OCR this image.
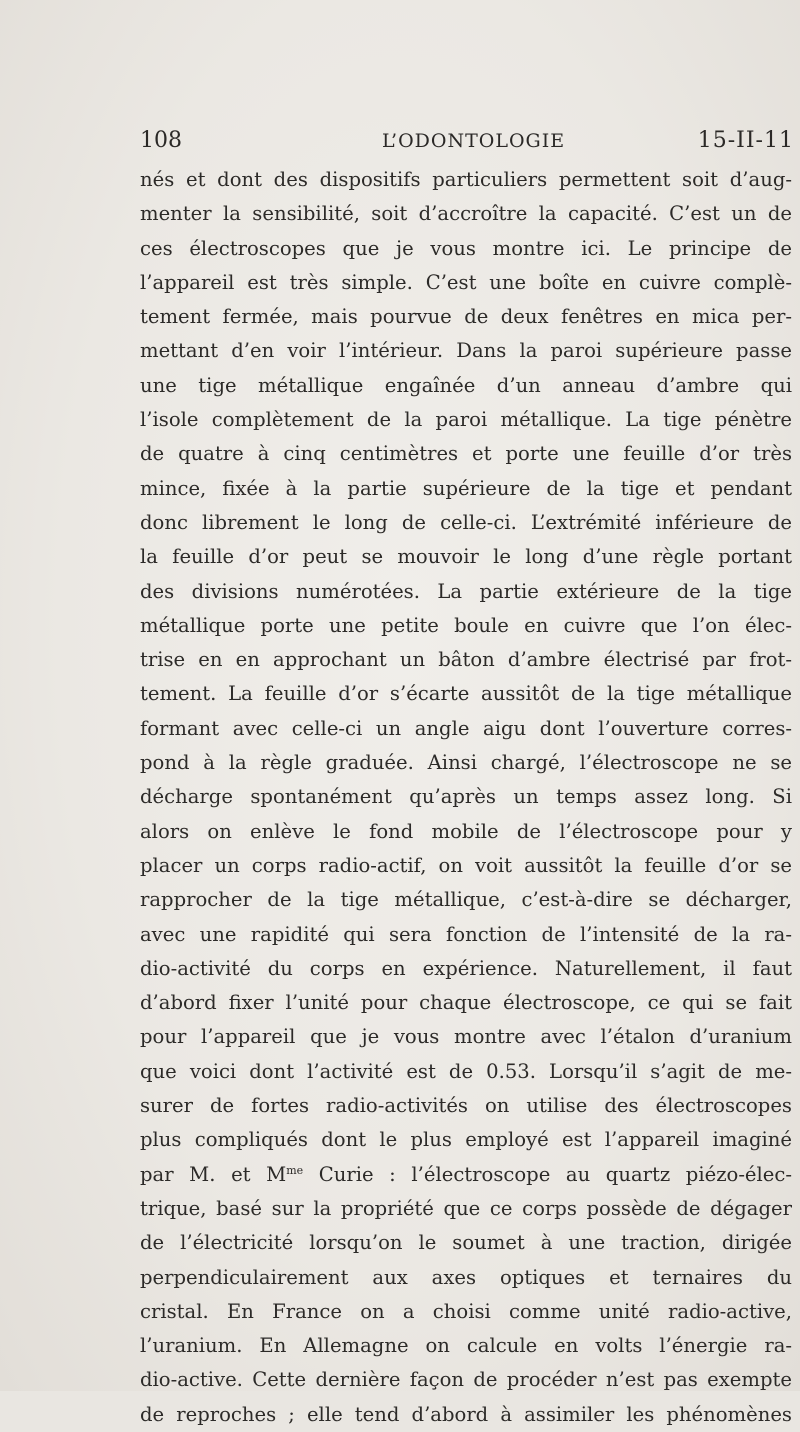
108	L’ODONTOLOGIE	15-II-11
nés et dont des dispositifs particuliers permettent soit d’aug-
menter la sensibilité, soit d’accroître la capacité. C’est un de
ces électroscopes que je vous montre ici. Le principe de
l’appareil est très simple. C’est une boîte en cuivre complè-
tement fermée, mais pourvue de deux fenêtres en mica per-
mettant d’en voir l’intérieur. Dans la paroi supérieure passe
une tige métallique engaînée d’un anneau d’ambre qui
l’isole complètement de la paroi métallique. La tige pénètre
de quatre à cinq centimètres et porte une feuille d’or très
mince, fixée à la partie supérieure de la tige et pendant
donc librement le long de celle-ci. L’extrémité inférieure de
la feuille d’or peut se mouvoir le long d’une règle portant
des divisions numérotées. La partie extérieure de la tige
métallique porte une petite boule en cuivre que l’on élec-
trise en en approchant un bâton d’ambre électrisé par frot-
tement. La feuille d’or s’écarte aussitôt de la tige métallique
formant avec celle-ci un angle aigu dont l’ouverture corres-
pond à la règle graduée. Ainsi chargé, l’électroscope ne se
décharge spontanément qu’après un temps assez long. Si
alors on enlève le fond mobile de l’électroscope pour y
placer un corps radio-actif, on voit aussitôt la feuille d’or se
rapprocher de la tige métallique, c’est-à-dire se décharger,
avec une rapidité qui sera fonction de l’intensité de la ra-
dio-activité du corps en expérience. Naturellement, il faut
d’abord fixer l’unité pour chaque électroscope, ce qui se fait
pour l’appareil que je vous montre avec l’étalon d’uranium
que voici dont l’activité est de 0.53. Lorsqu’il s’agit de me-
surer de fortes radio-activités on utilise des électroscopes
plus compliqués dont le plus employé est l’appareil imaginé
par M. et $M^{me}$ Curie : l’électroscope au quartz piézo-élec-
trique, basé sur la propriété que ce corps possède de dégager
de l’électricité lorsqu’on le soumet à une traction, dirigée
perpendiculairement aux axes optiques et ternaires du
cristal. En France on a choisi comme unité radio-active,
l’uranium. En Allemagne on calcule en volts l’énergie ra-
dio-active. Cette dernière façon de procéder n’est pas exempte
de reproches ; elle tend d’abord à assimiler les phénomènes
